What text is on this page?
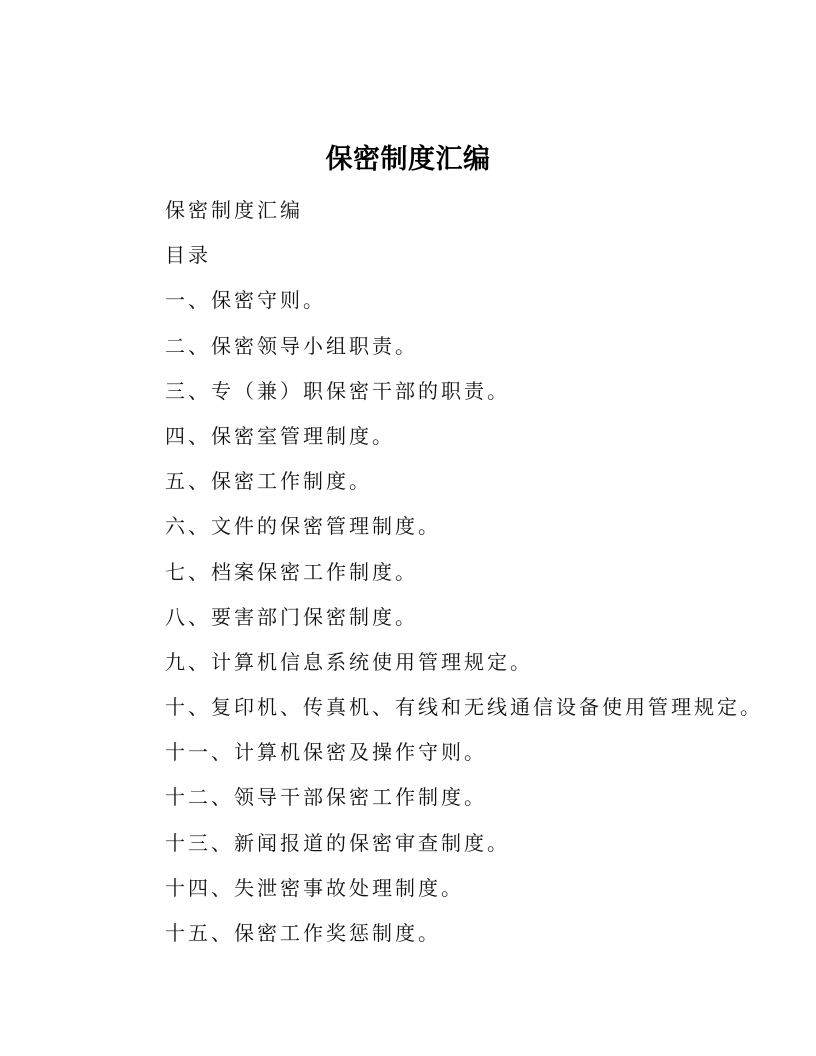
保密制度汇编
保密制度汇编
目录
一、保密守则。
二、保密领导小组职责。
三、专（兼）职保密干部的职责。
四、保密室管理制度。
五、保密工作制度。
六、文件的保密管理制度。
七、档案保密工作制度。
八、要害部门保密制度。
九、计算机信息系统使用管理规定。
十、复印机、传真机、有线和无线通信设备使用管理规定。
十一、计算机保密及操作守则。
十二、领导干部保密工作制度。
十三、新闻报道的保密审查制度。
十四、失泄密事故处理制度。
十五、保密工作奖惩制度。
